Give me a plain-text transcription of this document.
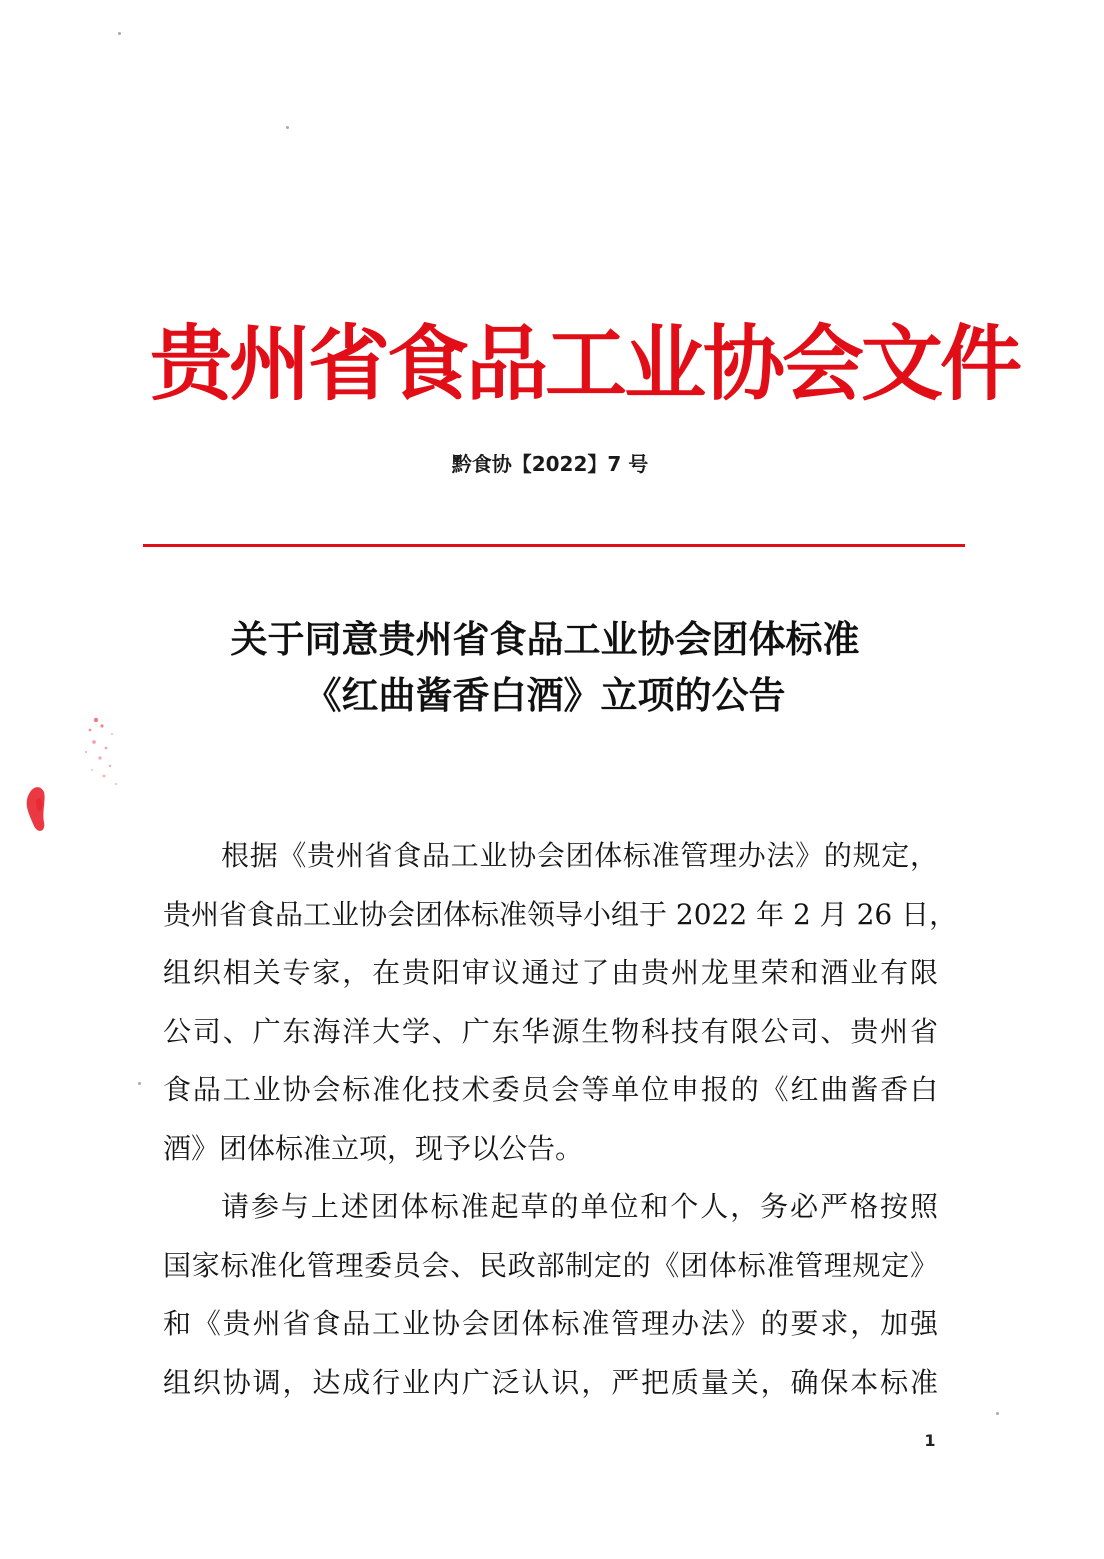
贵州省食品工业协会文件
黔食协【2022】7 号
关于同意贵州省食品工业协会团体标准
《红曲酱香白酒》立项的公告
根据《贵州省食品工业协会团体标准管理办法》的规定，
贵州省食品工业协会团体标准领导小组于 2022 年 2 月 26 日，
组织相关专家，在贵阳审议通过了由贵州龙里荣和酒业有限
公司、广东海洋大学、广东华源生物科技有限公司、贵州省
食品工业协会标准化技术委员会等单位申报的《红曲酱香白
酒》团体标准立项，现予以公告。
请参与上述团体标准起草的单位和个人，务必严格按照
国家标准化管理委员会、民政部制定的《团体标准管理规定》
和《贵州省食品工业协会团体标准管理办法》的要求，加强
组织协调，达成行业内广泛认识，严把质量关，确保本标准
1
